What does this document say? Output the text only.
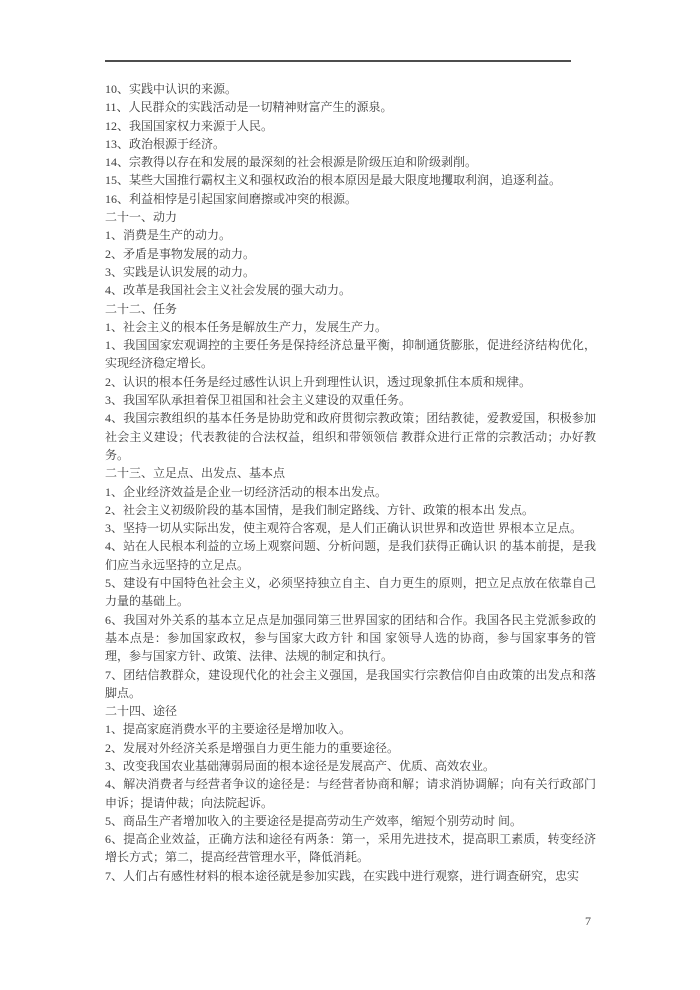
10、实践中认识的来源。

11、人民群众的实践活动是一切精神财富产生的源泉。

12、我国国家权力来源于人民。

13、政治根源于经济。

14、宗教得以存在和发展的最深刻的社会根源是阶级压迫和阶级剥削。

15、某些大国推行霸权主义和强权政治的根本原因是最大限度地攫取利润，追逐利益。

16、利益相悖是引起国家间磨擦或冲突的根源。

二十一、动力

1、消费是生产的动力。

2、矛盾是事物发展的动力。

3、实践是认识发展的动力。

4、改革是我国社会主义社会发展的强大动力。

二十二、任务

1、社会主义的根本任务是解放生产力，发展生产力。

1、我国国家宏观调控的主要任务是保持经济总量平衡，抑制通货膨胀，促进经济结构优化，实现经济稳定增长。

2、认识的根本任务是经过感性认识上升到理性认识，透过现象抓住本质和规律。

3、我国军队承担着保卫祖国和社会主义建设的双重任务。

4、我国宗教组织的基本任务是协助党和政府贯彻宗教政策；团结教徒，爱教爱国，积极参加社会主义建设；代表教徒的合法权益，组织和带领领信 教群众进行正常的宗教活动；办好教务。

二十三、立足点、出发点、基本点

1、企业经济效益是企业一切经济活动的根本出发点。

2、社会主义初级阶段的基本国情，是我们制定路线、方针、政策的根本出 发点。

3、坚持一切从实际出发，使主观符合客观，是人们正确认识世界和改造世 界根本立足点。

4、站在人民根本利益的立场上观察问题、分析问题，是我们获得正确认识 的基本前提，是我们应当永远坚持的立足点。

5、建设有中国特色社会主义，必须坚持独立自主、自力更生的原则，把立足点放在依靠自己力量的基础上。

6、我国对外关系的基本立足点是加强同第三世界国家的团结和合作。我国各民主党派参政的基本点是：参加国家政权，参与国家大政方针 和国 家领导人选的协商，参与国家事务的管理，参与国家方针、政策、法律、法规的制定和执行。

7、团结信教群众，建设现代化的社会主义强国，是我国实行宗教信仰自由政策的出发点和落脚点。

二十四、途径

1、提高家庭消费水平的主要途径是增加收入。

2、发展对外经济关系是增强自力更生能力的重要途径。

3、改变我国农业基础薄弱局面的根本途径是发展高产、优质、高效农业。

4、解决消费者与经营者争议的途径是：与经营者协商和解；请求消协调解；向有关行政部门申诉；提请仲裁；向法院起诉。

5、商品生产者增加收入的主要途径是提高劳动生产效率，缩短个别劳动时 间。

6、提高企业效益，正确方法和途径有两条：第一，采用先进技术，提高职工素质，转变经济增长方式；第二，提高经营管理水平，降低消耗。

7、人们占有感性材料的根本途径就是参加实践，在实践中进行观察，进行调查研究，忠实

7
